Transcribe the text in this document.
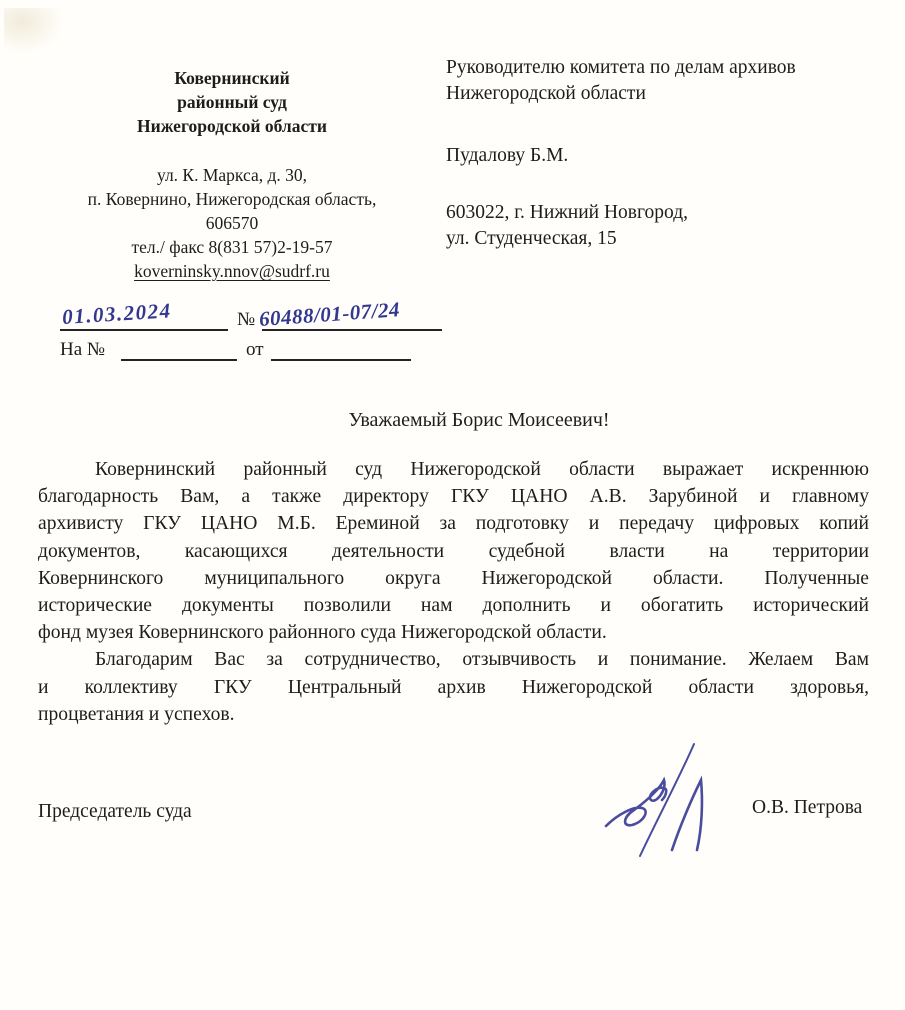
Ковернинский
районный суд
Нижегородской области
ул. К. Маркса, д. 30,
п. Ковернино, Нижегородская область,
606570
тел./ факс 8(831 57)2-19-57
koverninsky.nnov@sudrf.ru
Руководителю комитета по делам архивов
Нижегородской области
Пудалову Б.М.
603022, г. Нижний Новгород,
ул. Студенческая, 15
01.03.2024	№ 60488/01-07/24
На №	от
Уважаемый Борис Моисеевич!
Ковернинский районный суд Нижегородской области выражает искреннюю
благодарность Вам, а также директору ГКУ ЦАНО А.В. Зарубиной и главному
архивисту ГКУ ЦАНО М.Б. Ереминой за подготовку и передачу цифровых копий
документов, касающихся деятельности судебной власти на территории
Ковернинского муниципального округа Нижегородской области. Полученные
исторические документы позволили нам дополнить и обогатить исторический
фонд музея Ковернинского районного суда Нижегородской области.
Благодарим Вас за сотрудничество, отзывчивость и понимание. Желаем Вам
и коллективу ГКУ Центральный архив Нижегородской области здоровья,
процветания и успехов.
Председатель суда	О.В. Петрова
